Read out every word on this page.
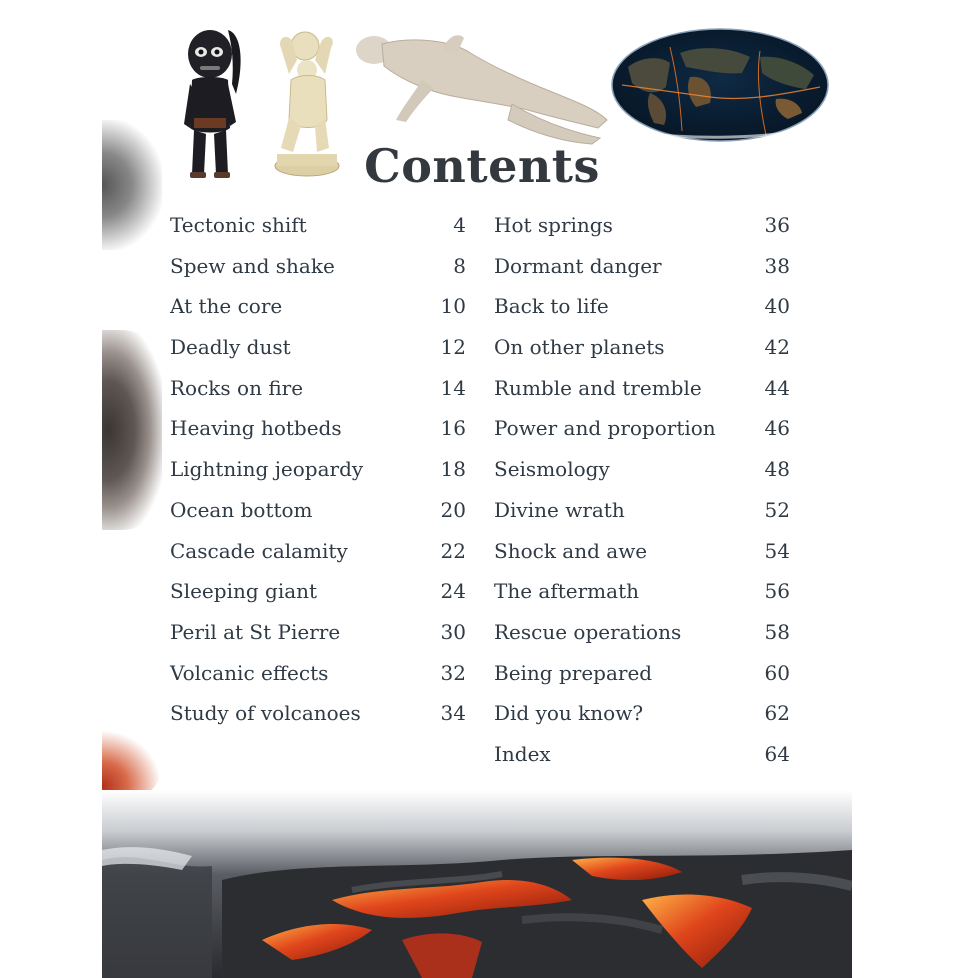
Contents
Tectonic shift	4
Spew and shake	8
At the core	10
Deadly dust	12
Rocks on fire	14
Heaving hotbeds	16
Lightning jeopardy	18
Ocean bottom	20
Cascade calamity	22
Sleeping giant	24
Peril at St Pierre	30
Volcanic effects	32
Study of volcanoes	34
Hot springs	36
Dormant danger	38
Back to life	40
On other planets	42
Rumble and tremble	44
Power and proportion 46
Seismology	48
Divine wrath	52
Shock and awe	54
The aftermath	56
Rescue operations	58
Being prepared	60
Did you know?	62
Index	64
